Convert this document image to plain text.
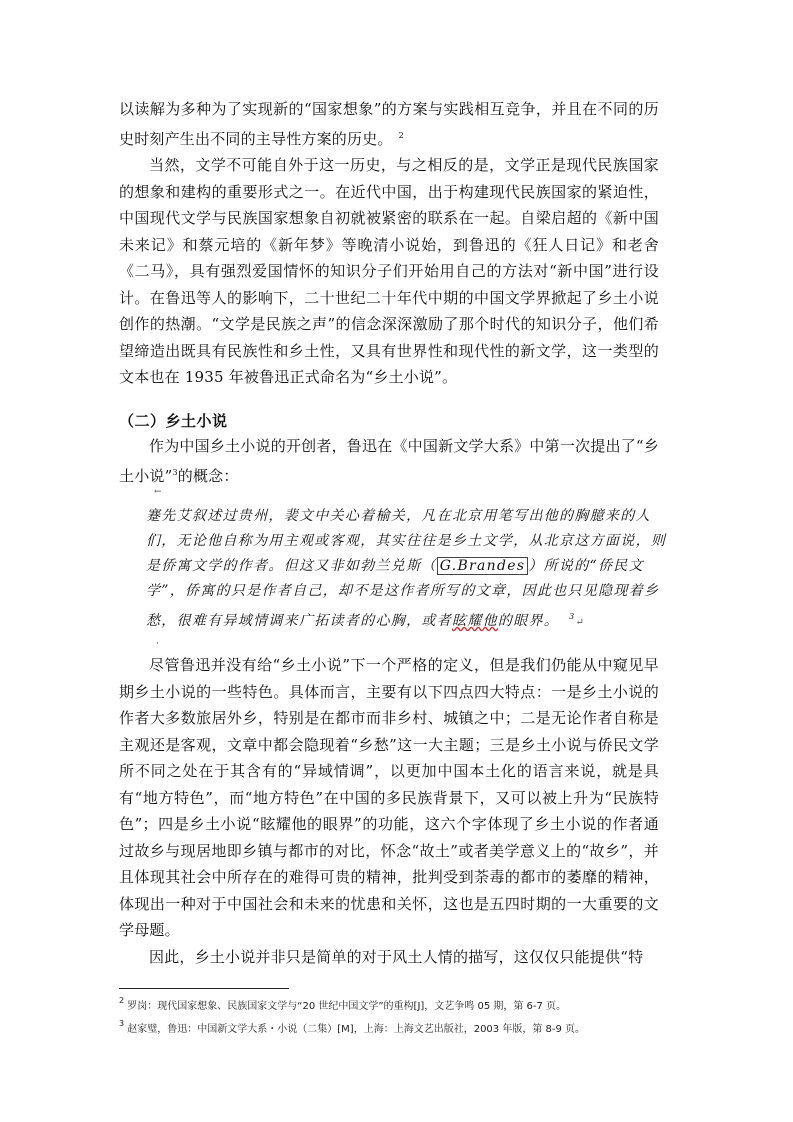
以读解为多种为了实现新的“国家想象”的方案与实践相互竞争，并且在不同的历史时刻产生出不同的主导性方案的历史。 $^2$

当然，文学不可能自外于这一历史，与之相反的是，文学正是现代民族国家的想象和建构的重要形式之一。在近代中国，出于构建现代民族国家的紧迫性，中国现代文学与民族国家想象自初就被紧密的联系在一起。自梁启超的《新中国未来记》和蔡元培的《新年梦》等晚清小说始，到鲁迅的《狂人日记》和老舍《二马》，具有强烈爱国情怀的知识分子们开始用自己的方法对“新中国”进行设计。在鲁迅等人的影响下，二十世纪二十年代中期的中国文学界掀起了乡土小说创作的热潮。“文学是民族之声”的信念深深激励了那个时代的知识分子，他们希望缔造出既具有民族性和乡土性，又具有世界性和现代性的新文学，这一类型的文本也在 1935 年被鲁迅正式命名为“乡土小说”。

（二）乡土小说

作为中国乡土小说的开创者，鲁迅在《中国新文学大系》中第一次提出了“乡土小说”$^3$的概念：

←
蹇先艾叙述过贵州，裴文中关心着榆关，凡在北京用笔写出他的胸臆来的人们，无论他自称为用主观或客观，其实往往是乡土文学，从北京这方面说，则是侨寓文学的作者。但这又非如勃兰兑斯（ G.Brandes ）所说的“侨民文学”，侨寓的只是作者自己，却不是这作者所写的文章，因此也只见隐现着乡愁，很难有异域情调来广拓读者的心胸，或者眩耀他的眼界。 $^3$↵
·

尽管鲁迅并没有给“乡土小说”下一个严格的定义，但是我们仍能从中窥见早期乡土小说的一些特色。具体而言，主要有以下四点四大特点：一是乡土小说的作者大多数旅居外乡，特别是在都市而非乡村、城镇之中；二是无论作者自称是主观还是客观，文章中都会隐现着“乡愁”这一大主题；三是乡土小说与侨民文学所不同之处在于其含有的“异域情调”，以更加中国本土化的语言来说，就是具有“地方特色”，而“地方特色”在中国的多民族背景下，又可以被上升为“民族特色”；四是乡土小说“眩耀他的眼界”的功能，这六个字体现了乡土小说的作者通过故乡与现居地即乡镇与都市的对比，怀念“故土”或者美学意义上的“故乡”，并且体现其社会中所存在的难得可贵的精神，批判受到荼毒的都市的萎靡的精神，体现出一种对于中国社会和未来的忧患和关怀，这也是五四时期的一大重要的文学母题。

因此，乡土小说并非只是简单的对于风土人情的描写，这仅仅只能提供“特

$^2$ 罗岗：现代国家想象、民族国家文学与“20 世纪中国文学”的重构[J]，文艺争鸣 05 期，第 6-7 页。

$^3$ 赵家璧，鲁迅：中国新文学大系・小说（二集）[M]，上海：上海文艺出版社，2003 年版，第 8-9 页。
